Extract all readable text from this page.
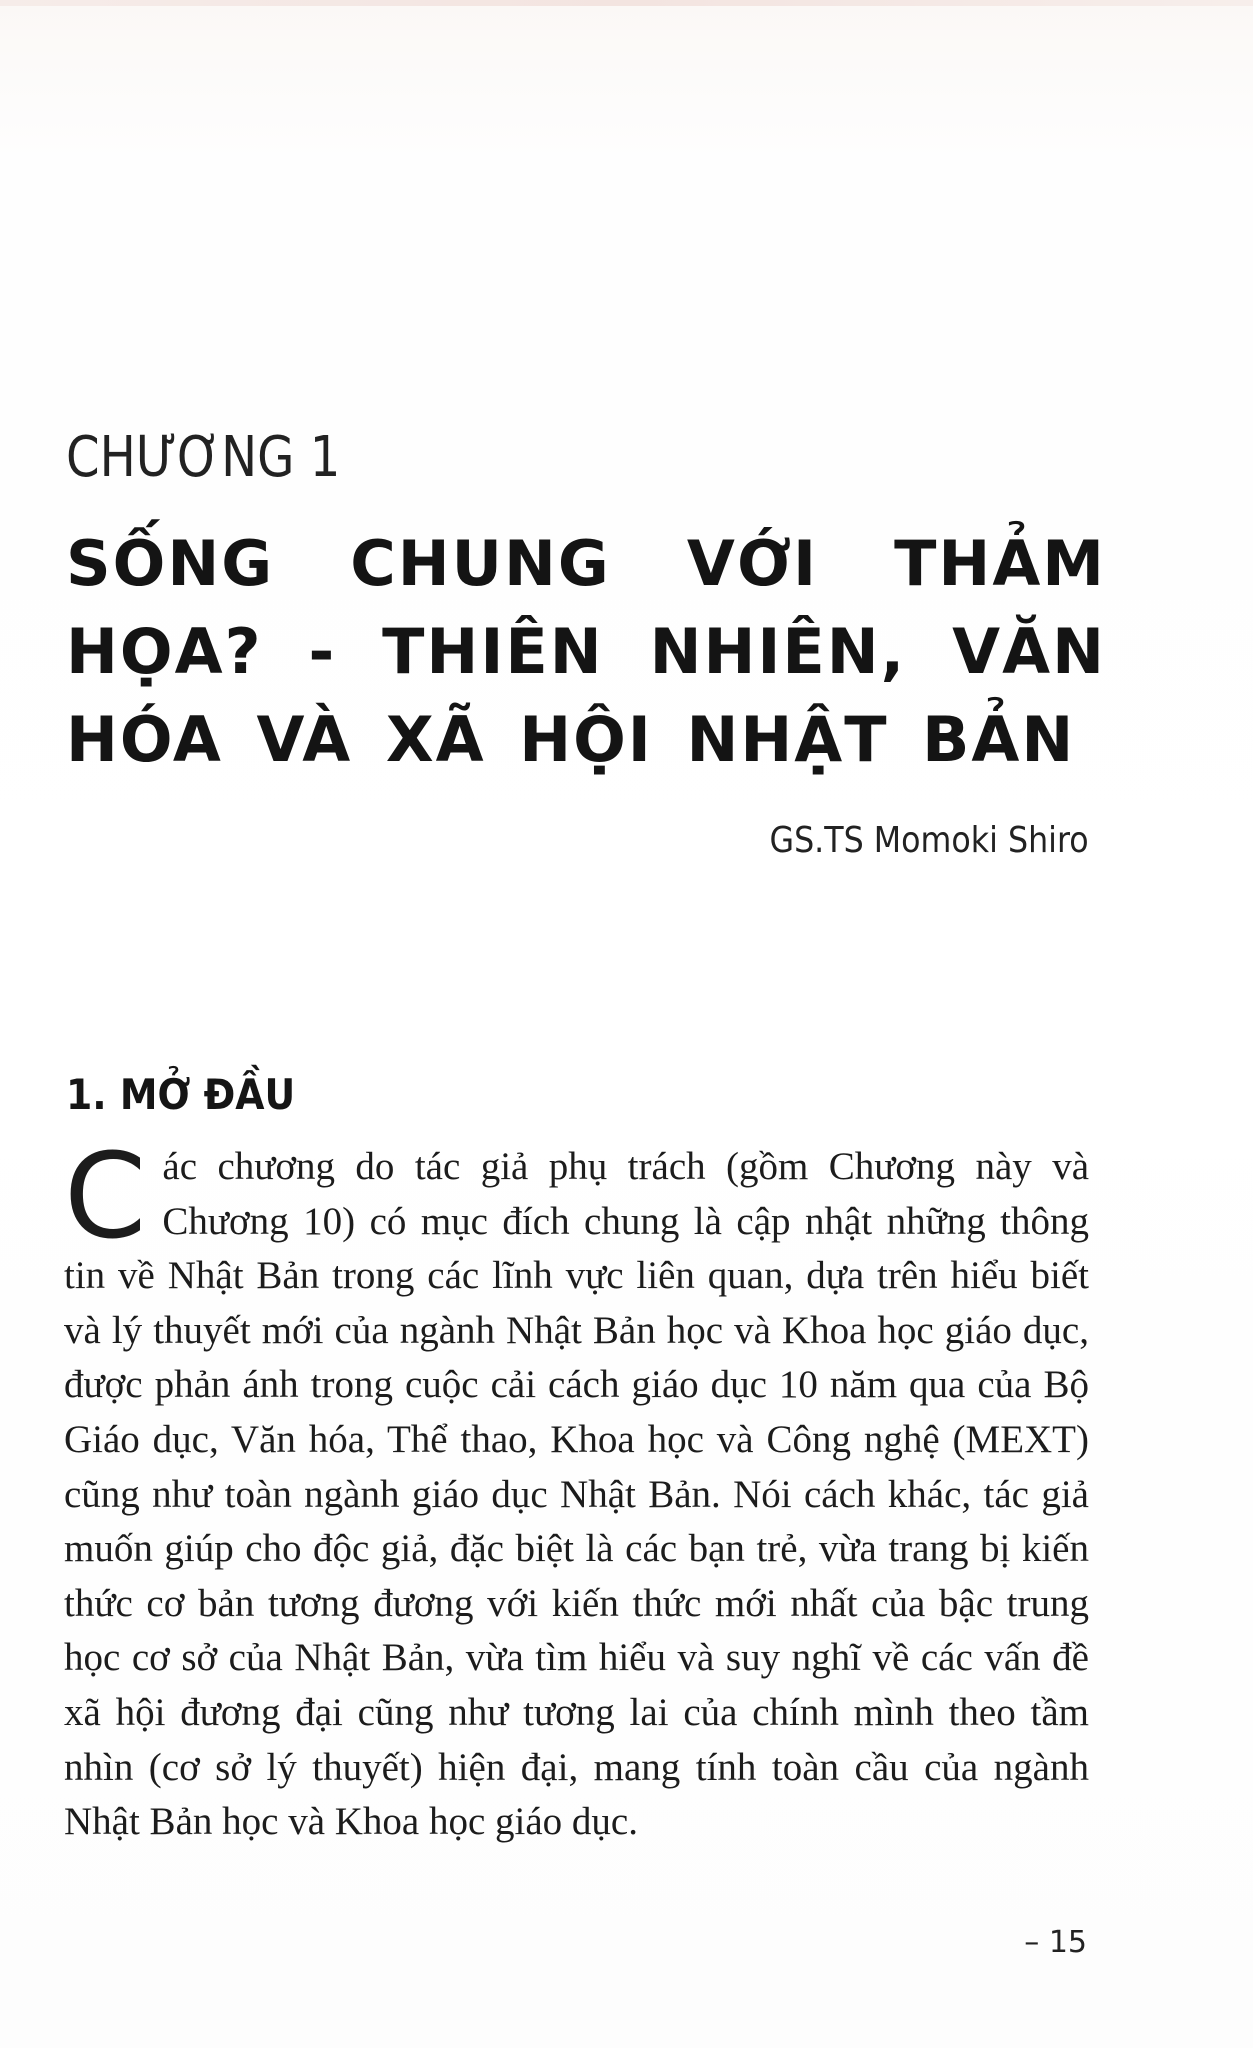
CHƯƠNG 1
SỐNG CHUNG VỚI THẢM HỌA? - THIÊN NHIÊN, VĂN HÓA VÀ XÃ HỘI NHẬT BẢN
GS.TS Momoki Shiro
1. MỞ ĐẦU
C ác chương do tác giả phụ trách (gồm Chương này và Chương 10) có mục đích chung là cập nhật những thông tin về Nhật Bản trong các lĩnh vực liên quan, dựa trên hiểu biết và lý thuyết mới của ngành Nhật Bản học và Khoa học giáo dục, được phản ánh trong cuộc cải cách giáo dục 10 năm qua của Bộ Giáo dục, Văn hóa, Thể thao, Khoa học và Công nghệ (MEXT) cũng như toàn ngành giáo dục Nhật Bản. Nói cách khác, tác giả muốn giúp cho độc giả, đặc biệt là các bạn trẻ, vừa trang bị kiến thức cơ bản tương đương với kiến thức mới nhất của bậc trung học cơ sở của Nhật Bản, vừa tìm hiểu và suy nghĩ về các vấn đề xã hội đương đại cũng như tương lai của chính mình theo tầm nhìn (cơ sở lý thuyết) hiện đại, mang tính toàn cầu của ngành Nhật Bản học và Khoa học giáo dục.

– 15
